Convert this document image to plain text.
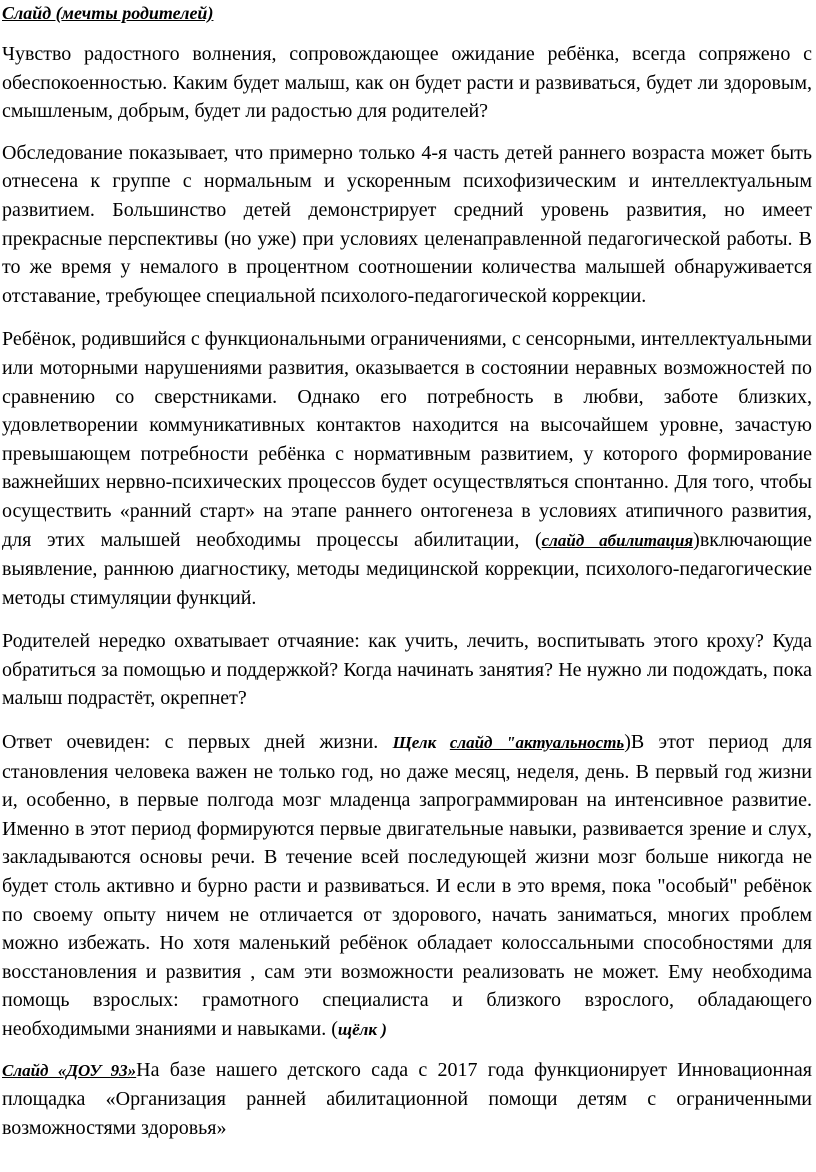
Слайд (мечты родителей)

Чувство радостного волнения, сопровождающее ожидание ребёнка, всегда сопряжено с обеспокоенностью. Каким будет малыш, как он будет расти и развиваться, будет ли здоровым, смышленым, добрым, будет ли радостью для родителей?

Обследование показывает, что примерно только 4-я часть детей раннего возраста может быть отнесена к группе с нормальным и ускоренным психофизическим и интеллектуальным развитием. Большинство детей демонстрирует средний уровень развития, но имеет прекрасные перспективы (но уже) при условиях целенаправленной педагогической работы. В то же время у немалого в процентном соотношении количества малышей обнаруживается отставание, требующее специальной психолого-педагогической коррекции.

Ребёнок, родившийся с функциональными ограничениями, с сенсорными, интеллектуальными или моторными нарушениями развития, оказывается в состоянии неравных возможностей по сравнению со сверстниками. Однако его потребность в любви, заботе близких, удовлетворении коммуникативных контактов находится на высочайшем уровне, зачастую превышающем потребности ребёнка с нормативным развитием, у которого формирование важнейших нервно-психических процессов будет осуществляться спонтанно. Для того, чтобы осуществить «ранний старт» на этапе раннего онтогенеза в условиях атипичного развития, для этих малышей необходимы процессы абилитации, (слайд абилитация)включающие выявление, раннюю диагностику, методы медицинской коррекции, психолого-педагогические методы стимуляции функций.

Родителей нередко охватывает отчаяние: как учить, лечить, воспитывать этого кроху? Куда обратиться за помощью и поддержкой? Когда начинать занятия? Не нужно ли подождать, пока малыш подрастёт, окрепнет?

Ответ очевиден: с первых дней жизни. Щелк слайд "актуальность)В этот период для становления человека важен не только год, но даже месяц, неделя, день. В первый год жизни и, особенно, в первые полгода мозг младенца запрограммирован на интенсивное развитие. Именно в этот период формируются первые двигательные навыки, развивается зрение и слух, закладываются основы речи. В течение всей последующей жизни мозг больше никогда не будет столь активно и бурно расти и развиваться. И если в это время, пока "особый" ребёнок по своему опыту ничем не отличается от здорового, начать заниматься, многих проблем можно избежать. Но хотя маленький ребёнок обладает колоссальными способностями для восстановления и развития , сам эти возможности реализовать не может. Ему необходима помощь взрослых: грамотного специалиста и близкого взрослого, обладающего необходимыми знаниями и навыками. (щёлк )

Слайд «ДОУ 93»На базе нашего детского сада с 2017 года функционирует Инновационная площадка «Организация ранней абилитационной помощи детям с ограниченными возможностями здоровья»
